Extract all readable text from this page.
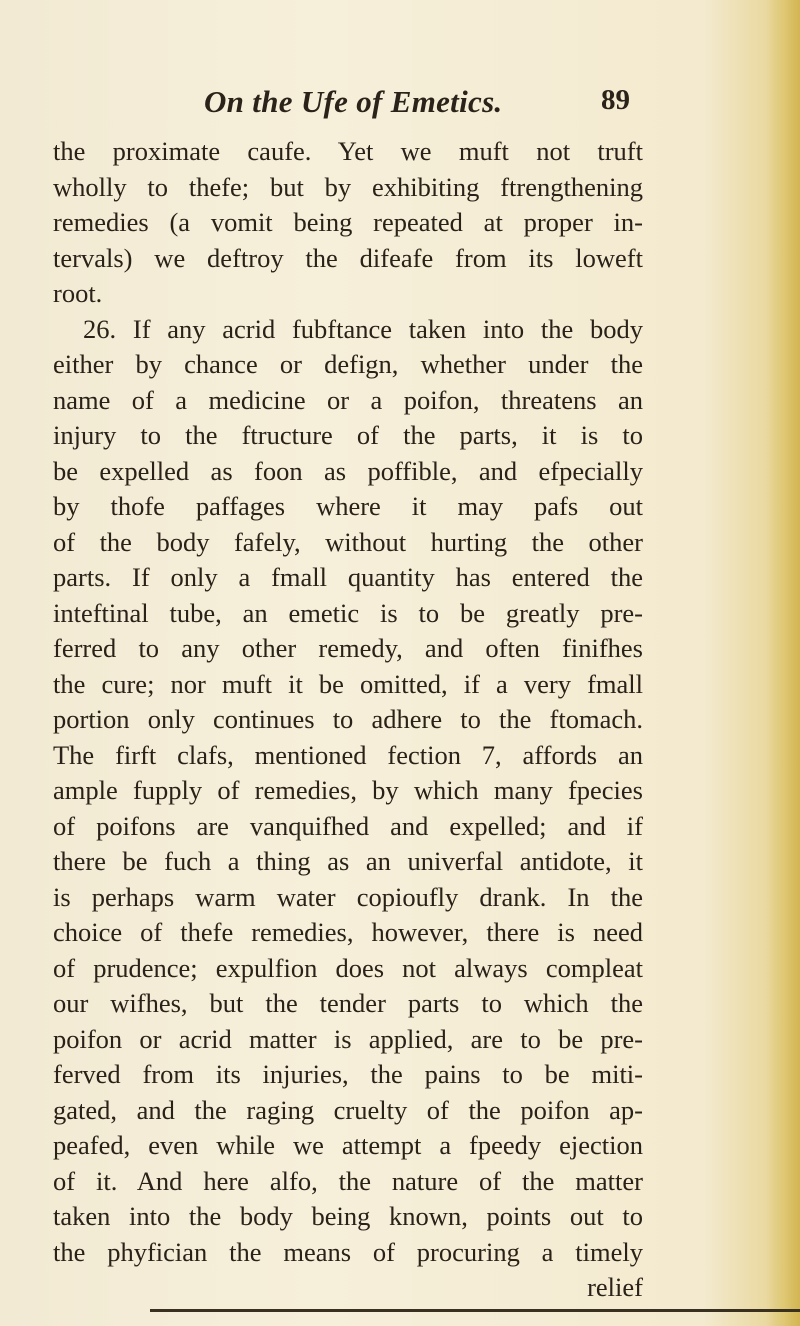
On the Ufe of Emetics.	89
the proximate caufe. Yet we muft not truft
wholly to thefe; but by exhibiting ftrengthening
remedies (a vomit being repeated at proper in-
tervals) we deftroy the difeafe from its loweft
root.
26. If any acrid fubftance taken into the body
either by chance or defign, whether under the
name of a medicine or a poifon, threatens an
injury to the ftructure of the parts, it is to
be expelled as foon as poffible, and efpecially
by thofe paffages where it may pafs out
of the body fafely, without hurting the other
parts. If only a fmall quantity has entered the
inteftinal tube, an emetic is to be greatly pre-
ferred to any other remedy, and often finifhes
the cure; nor muft it be omitted, if a very fmall
portion only continues to adhere to the ftomach.
The firft clafs, mentioned fection 7, affords an
ample fupply of remedies, by which many fpecies
of poifons are vanquifhed and expelled; and if
there be fuch a thing as an univerfal antidote, it
is perhaps warm water copioufly drank. In the
choice of thefe remedies, however, there is need
of prudence; expulfion does not always compleat
our wifhes, but the tender parts to which the
poifon or acrid matter is applied, are to be pre-
ferved from its injuries, the pains to be miti-
gated, and the raging cruelty of the poifon ap-
peafed, even while we attempt a fpeedy ejection
of it. And here alfo, the nature of the matter
taken into the body being known, points out to
the phyfician the means of procuring a timely
relief
